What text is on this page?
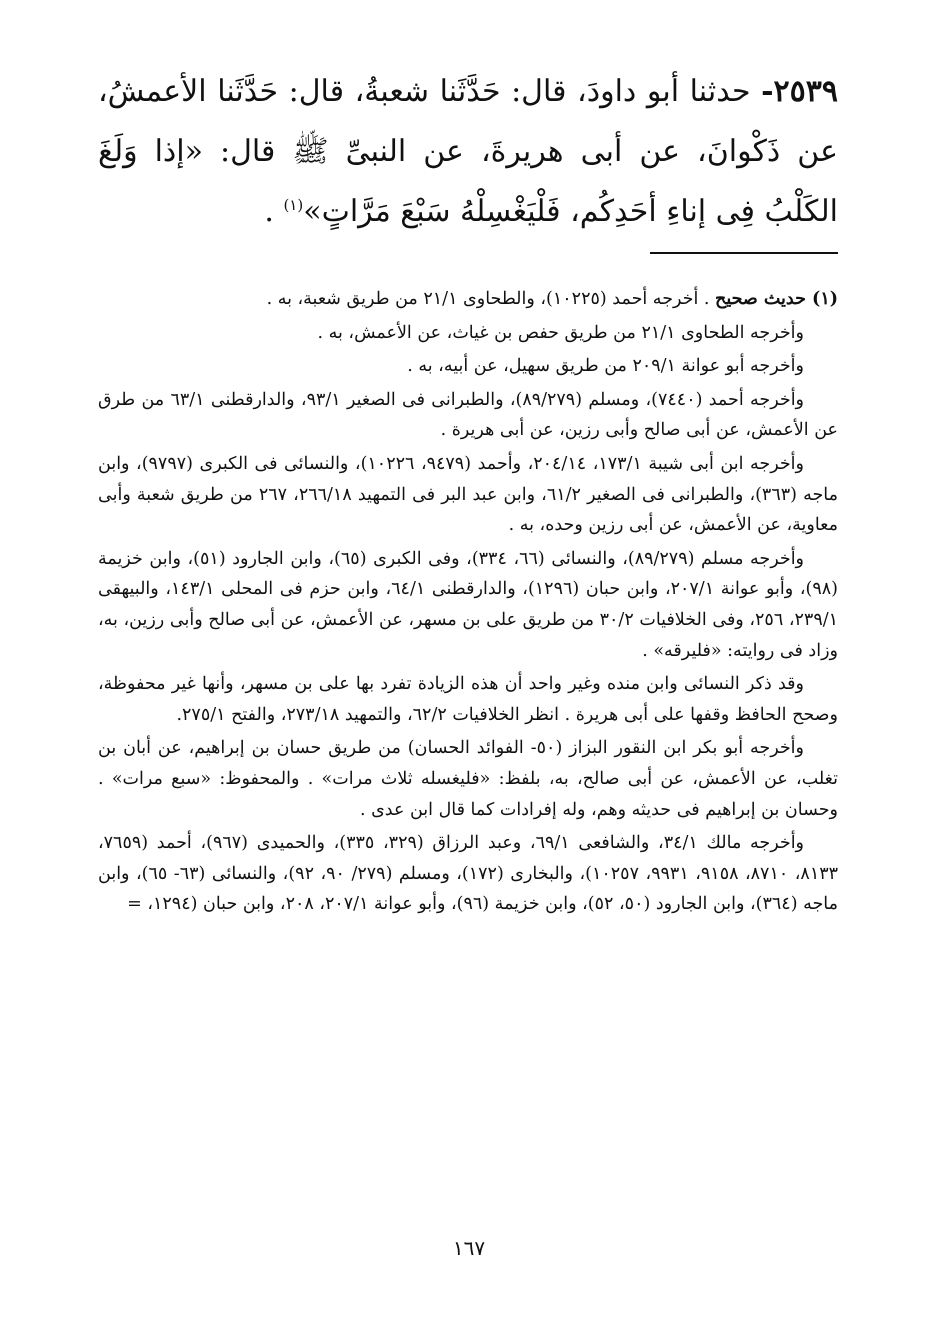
٢٥٣٩- حدثنا أبو داودَ، قال: حَدَّثَنا شعبةُ، قال: حَدَّثَنا الأعمشُ، عن ذَكْوانَ، عن أبى هريرةَ، عن النبىِّ ﷺ قال: «إذا وَلَغَ الكَلْبُ فِى إناءِ أحَدِكُم، فَلْيَغْسِلْهُ سَبْعَ مَرَّاتٍ»$^{(١)}$ .

(١) حديث صحيح . أخرجه أحمد (١٠٢٢٥)، والطحاوى ٢١/١ من طريق شعبة، به .

وأخرجه الطحاوى ٢١/١ من طريق حفص بن غياث، عن الأعمش، به .

وأخرجه أبو عوانة ٢٠٩/١ من طريق سهيل، عن أبيه، به .

وأخرجه أحمد (٧٤٤٠)، ومسلم (٨٩/٢٧٩)، والطبرانى فى الصغير ٩٣/١، والدارقطنى ٦٣/١ من طرق عن الأعمش، عن أبى صالح وأبى رزين، عن أبى هريرة .

وأخرجه ابن أبى شيبة ١٧٣/١، ٢٠٤/١٤، وأحمد (٩٤٧٩، ١٠٢٢٦)، والنسائى فى الكبرى (٩٧٩٧)، وابن ماجه (٣٦٣)، والطبرانى فى الصغير ٦١/٢، وابن عبد البر فى التمهيد ٢٦٦/١٨، ٢٦٧ من طريق شعبة وأبى معاوية، عن الأعمش، عن أبى رزين وحده، به .

وأخرجه مسلم (٨٩/٢٧٩)، والنسائى (٦٦، ٣٣٤)، وفى الكبرى (٦٥)، وابن الجارود (٥١)، وابن خزيمة (٩٨)، وأبو عوانة ٢٠٧/١، وابن حبان (١٢٩٦)، والدارقطنى ٦٤/١، وابن حزم فى المحلى ١٤٣/١، والبيهقى ٢٣٩/١، ٢٥٦، وفى الخلافيات ٣٠/٢ من طريق على بن مسهر، عن الأعمش، عن أبى صالح وأبى رزين، به، وزاد فى روايته: «فليرقه» .

وقد ذكر النسائى وابن منده وغير واحد أن هذه الزيادة تفرد بها على بن مسهر، وأنها غير محفوظة، وصحح الحافظ وقفها على أبى هريرة . انظر الخلافيات ٦٢/٢، والتمهيد ٢٧٣/١٨، والفتح ٢٧٥/١.

وأخرجه أبو بكر ابن النقور البزاز (٥٠- الفوائد الحسان) من طريق حسان بن إبراهيم، عن أبان بن تغلب، عن الأعمش، عن أبى صالح، به، بلفظ: «فليغسله ثلاث مرات» . والمحفوظ: «سبع مرات» . وحسان بن إبراهيم فى حديثه وهم، وله إفرادات كما قال ابن عدى .

وأخرجه مالك ٣٤/١، والشافعى ٦٩/١، وعبد الرزاق (٣٢٩، ٣٣٥)، والحميدى (٩٦٧)، أحمد (٧٦٥٩، ٨١٣٣، ٨٧١٠، ٩١٥٨، ٩٩٣١، ١٠٢٥٧)، والبخارى (١٧٢)، ومسلم (٢٧٩/ ٩٠، ٩٢)، والنسائى (٦٣- ٦٥)، وابن ماجه (٣٦٤)، وابن الجارود (٥٠، ٥٢)، وابن خزيمة (٩٦)، وأبو عوانة ٢٠٧/١، ٢٠٨، وابن حبان (١٢٩٤، =

١٦٧
